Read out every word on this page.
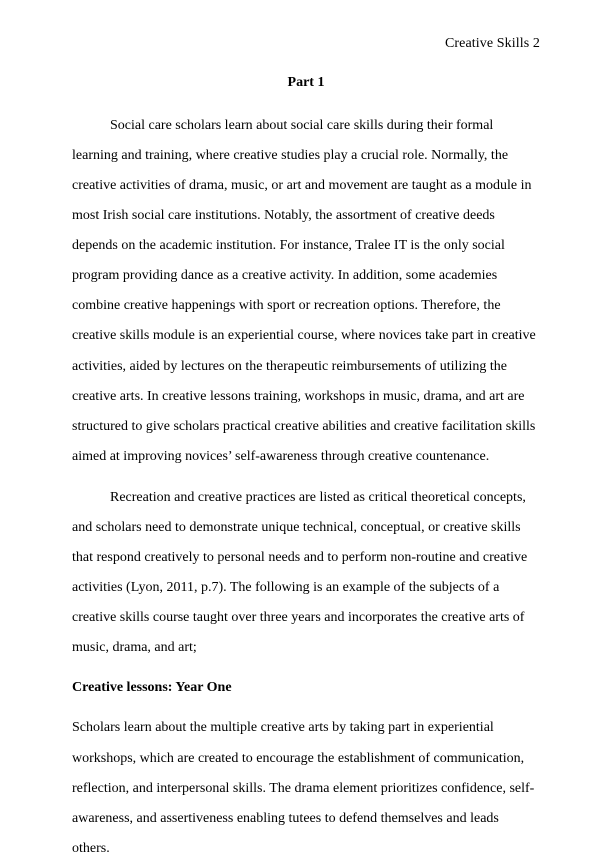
Creative Skills 2
Part 1

Social care scholars learn about social care skills during their formal learning and training, where creative studies play a crucial role. Normally, the creative activities of drama, music, or art and movement are taught as a module in most Irish social care institutions. Notably, the assortment of creative deeds depends on the academic institution. For instance, Tralee IT is the only social program providing dance as a creative activity. In addition, some academies combine creative happenings with sport or recreation options. Therefore, the creative skills module is an experiential course, where novices take part in creative activities, aided by lectures on the therapeutic reimbursements of utilizing the creative arts. In creative lessons training, workshops in music, drama, and art are structured to give scholars practical creative abilities and creative facilitation skills aimed at improving novices’ self-awareness through creative countenance.

Recreation and creative practices are listed as critical theoretical concepts, and scholars need to demonstrate unique technical, conceptual, or creative skills that respond creatively to personal needs and to perform non-routine and creative activities (Lyon, 2011, p.7). The following is an example of the subjects of a creative skills course taught over three years and incorporates the creative arts of music, drama, and art;

Creative lessons: Year One

Scholars learn about the multiple creative arts by taking part in experiential workshops, which are created to encourage the establishment of communication, reflection, and interpersonal skills. The drama element prioritizes confidence, self-awareness, and assertiveness enabling tutees to defend themselves and leads others.
